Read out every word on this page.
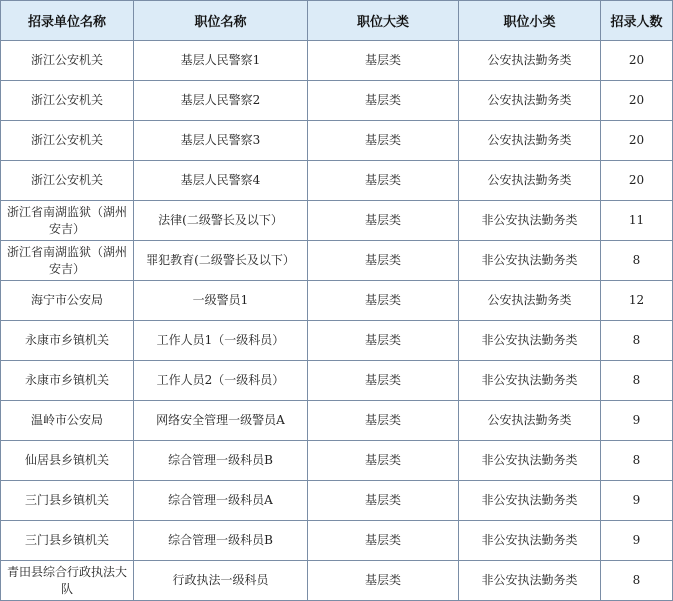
招录单位名称	职位名称	职位大类	职位小类	招录人数
浙江公安机关	基层人民警察1	基层类	公安执法勤务类	20
浙江公安机关	基层人民警察2	基层类	公安执法勤务类	20
浙江公安机关	基层人民警察3	基层类	公安执法勤务类	20
浙江公安机关	基层人民警察4	基层类	公安执法勤务类	20
浙江省南湖监狱（湖州安吉）	法律(二级警长及以下）	基层类	非公安执法勤务类	11
浙江省南湖监狱（湖州安吉）	罪犯教育(二级警长及以下）	基层类	非公安执法勤务类	8
海宁市公安局	一级警员1	基层类	公安执法勤务类	12
永康市乡镇机关	工作人员1（一级科员）	基层类	非公安执法勤务类	8
永康市乡镇机关	工作人员2（一级科员）	基层类	非公安执法勤务类	8
温岭市公安局	网络安全管理一级警员A	基层类	公安执法勤务类	9
仙居县乡镇机关	综合管理一级科员B	基层类	非公安执法勤务类	8
三门县乡镇机关	综合管理一级科员A	基层类	非公安执法勤务类	9
三门县乡镇机关	综合管理一级科员B	基层类	非公安执法勤务类	9
青田县综合行政执法大队	行政执法一级科员	基层类	非公安执法勤务类	8
